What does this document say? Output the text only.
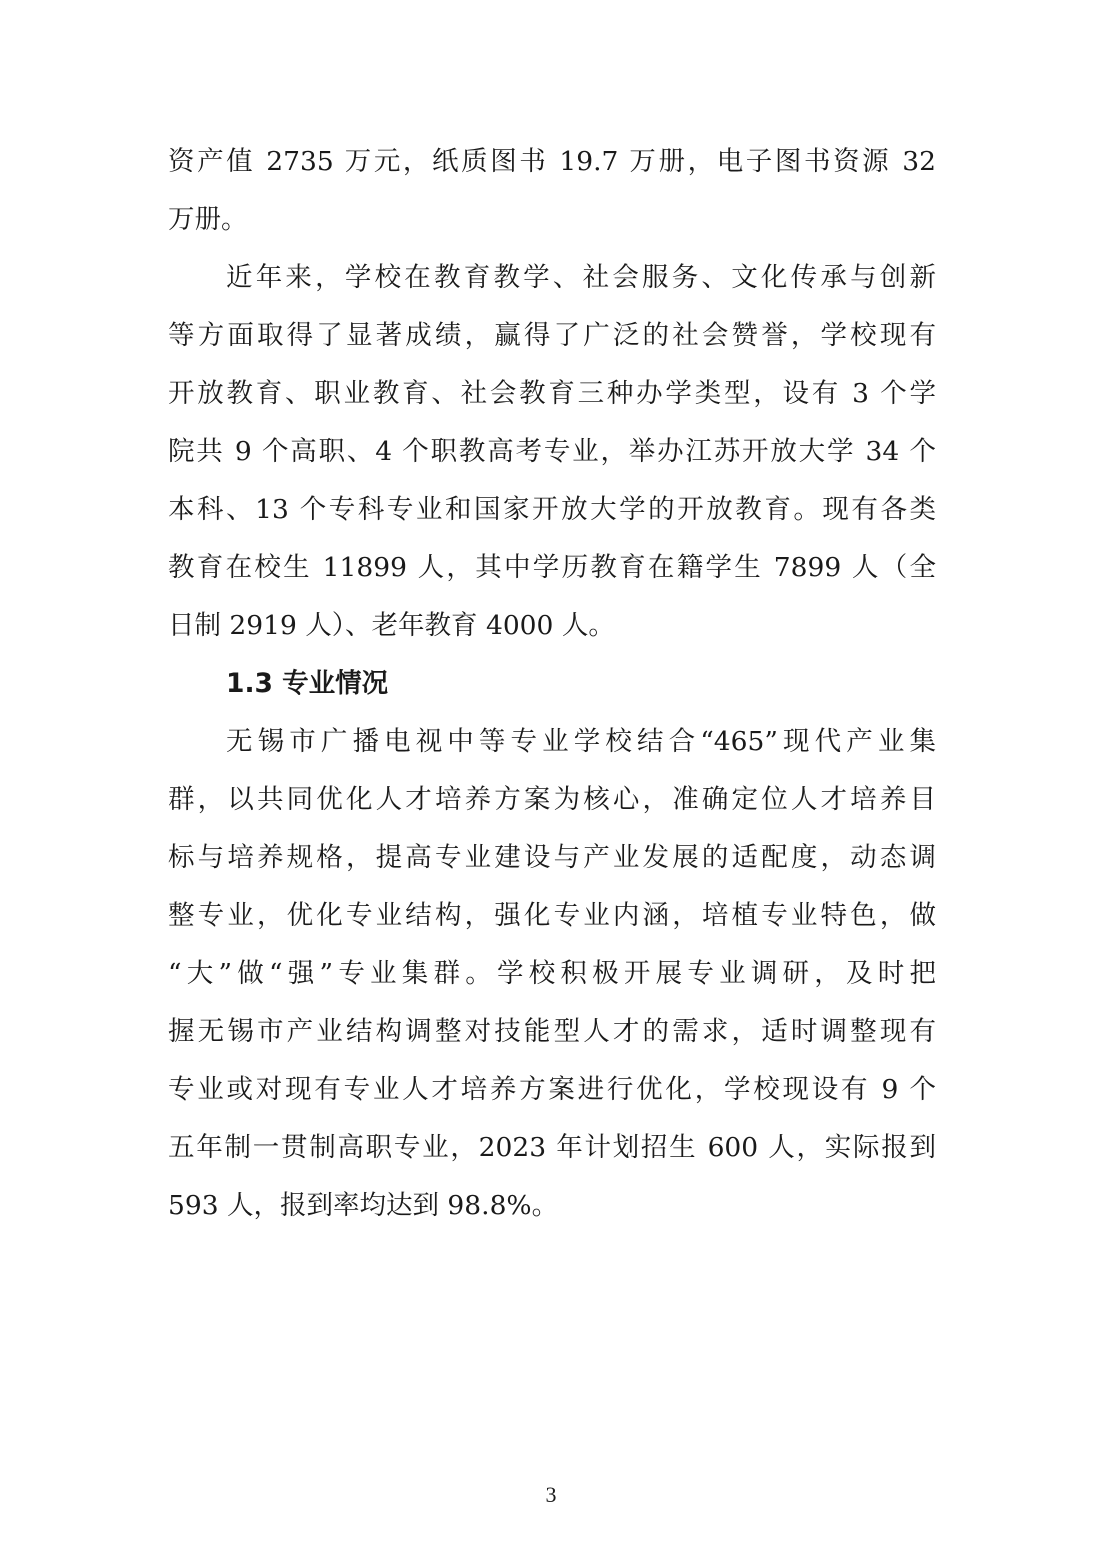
资产值 2735 万元，纸质图书 19.7 万册，电子图书资源 32
万册。
近年来，学校在教育教学、社会服务、文化传承与创新
等方面取得了显著成绩，赢得了广泛的社会赞誉，学校现有
开放教育、职业教育、社会教育三种办学类型，设有 3 个学
院共 9 个高职、4 个职教高考专业，举办江苏开放大学 34 个
本科、13 个专科专业和国家开放大学的开放教育。现有各类
教育在校生 11899 人，其中学历教育在籍学生 7899 人（全
日制 2919 人）、老年教育 4000 人。
1.3 专业情况
无锡市广播电视中等专业学校结合“465”现代产业集
群，以共同优化人才培养方案为核心，准确定位人才培养目
标与培养规格，提高专业建设与产业发展的适配度，动态调
整专业，优化专业结构，强化专业内涵，培植专业特色，做
“大”做“强”专业集群。学校积极开展专业调研，及时把
握无锡市产业结构调整对技能型人才的需求，适时调整现有
专业或对现有专业人才培养方案进行优化，学校现设有 9 个
五年制一贯制高职专业，2023 年计划招生 600 人，实际报到
593 人，报到率均达到 98.8%。
3
